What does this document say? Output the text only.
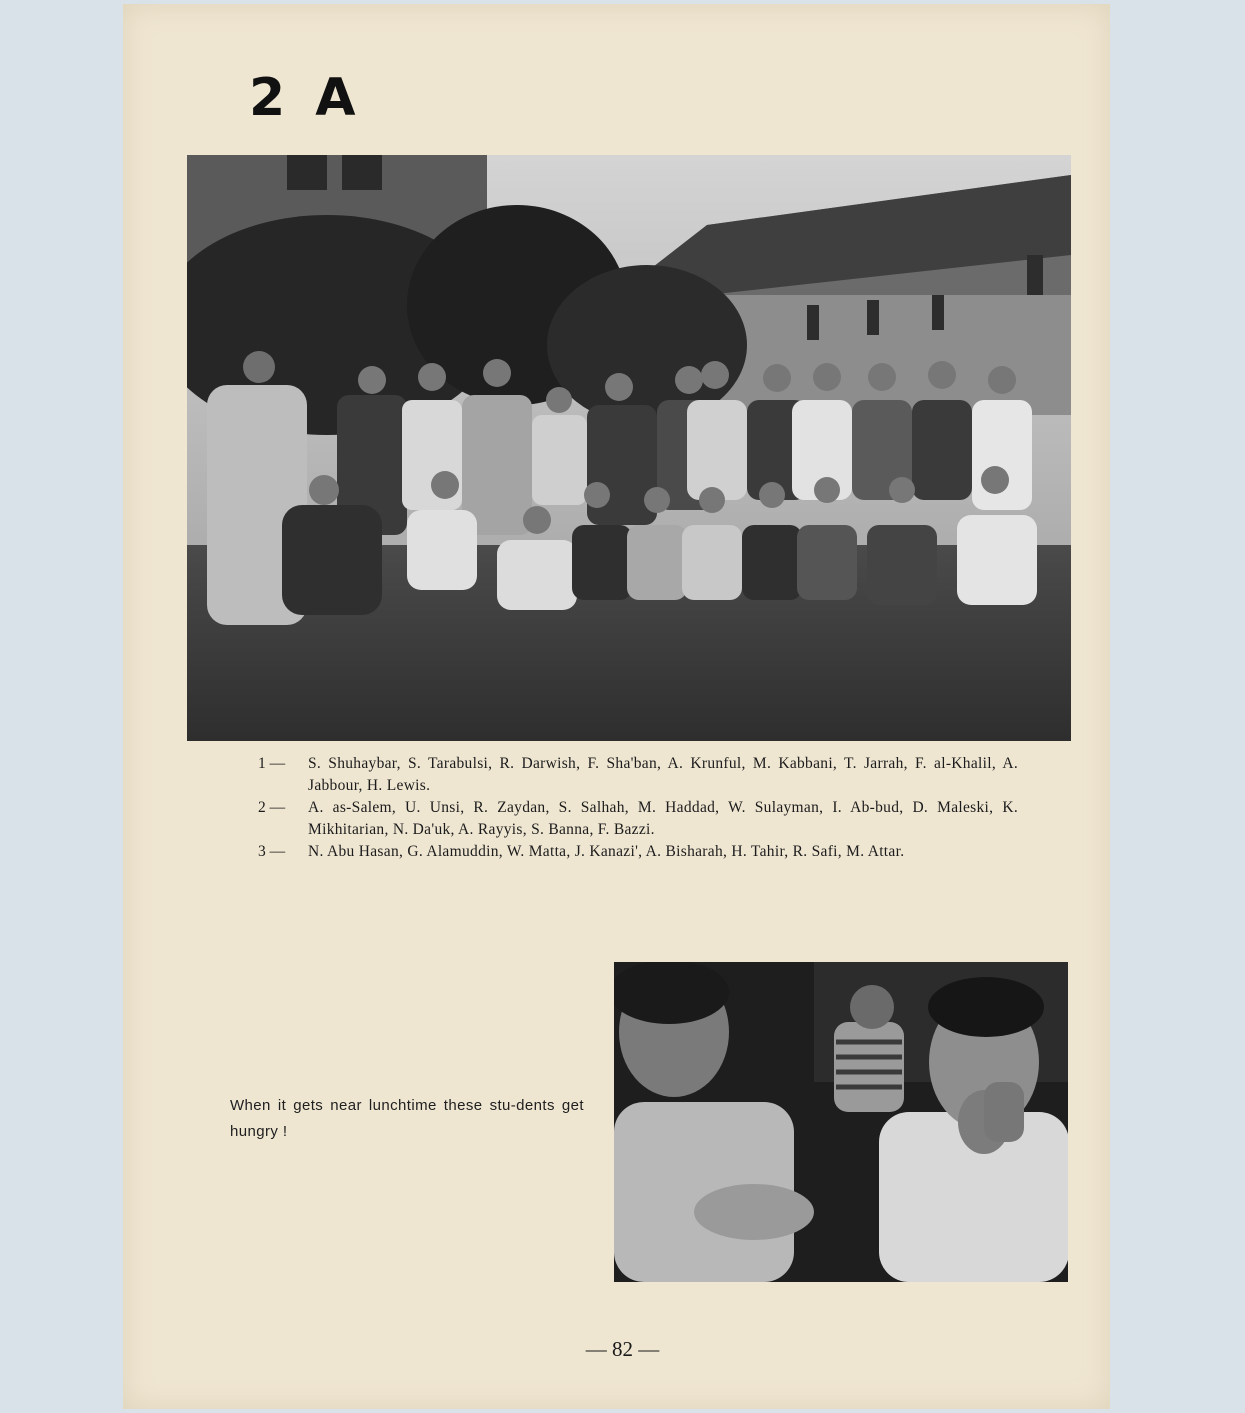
2 A
1 —	S. Shuhaybar, S. Tarabulsi, R. Darwish, F. Sha'ban, A. Krunful, M. Kabbani, T. Jarrah, F. al-Khalil, A. Jabbour, H. Lewis.
2 —	A. as-Salem, U. Unsi, R. Zaydan, S. Salhah, M. Haddad, W. Sulayman, I. Ab-bud, D. Maleski, K. Mikhitarian, N. Da'uk, A. Rayyis, S. Banna, F. Bazzi.
3 —	N. Abu Hasan, G. Alamuddin, W. Matta, J. Kanazi', A. Bisharah, H. Tahir, R. Safi, M. Attar.
When it gets near lunchtime these stu-dents get hungry !
— 82 —
